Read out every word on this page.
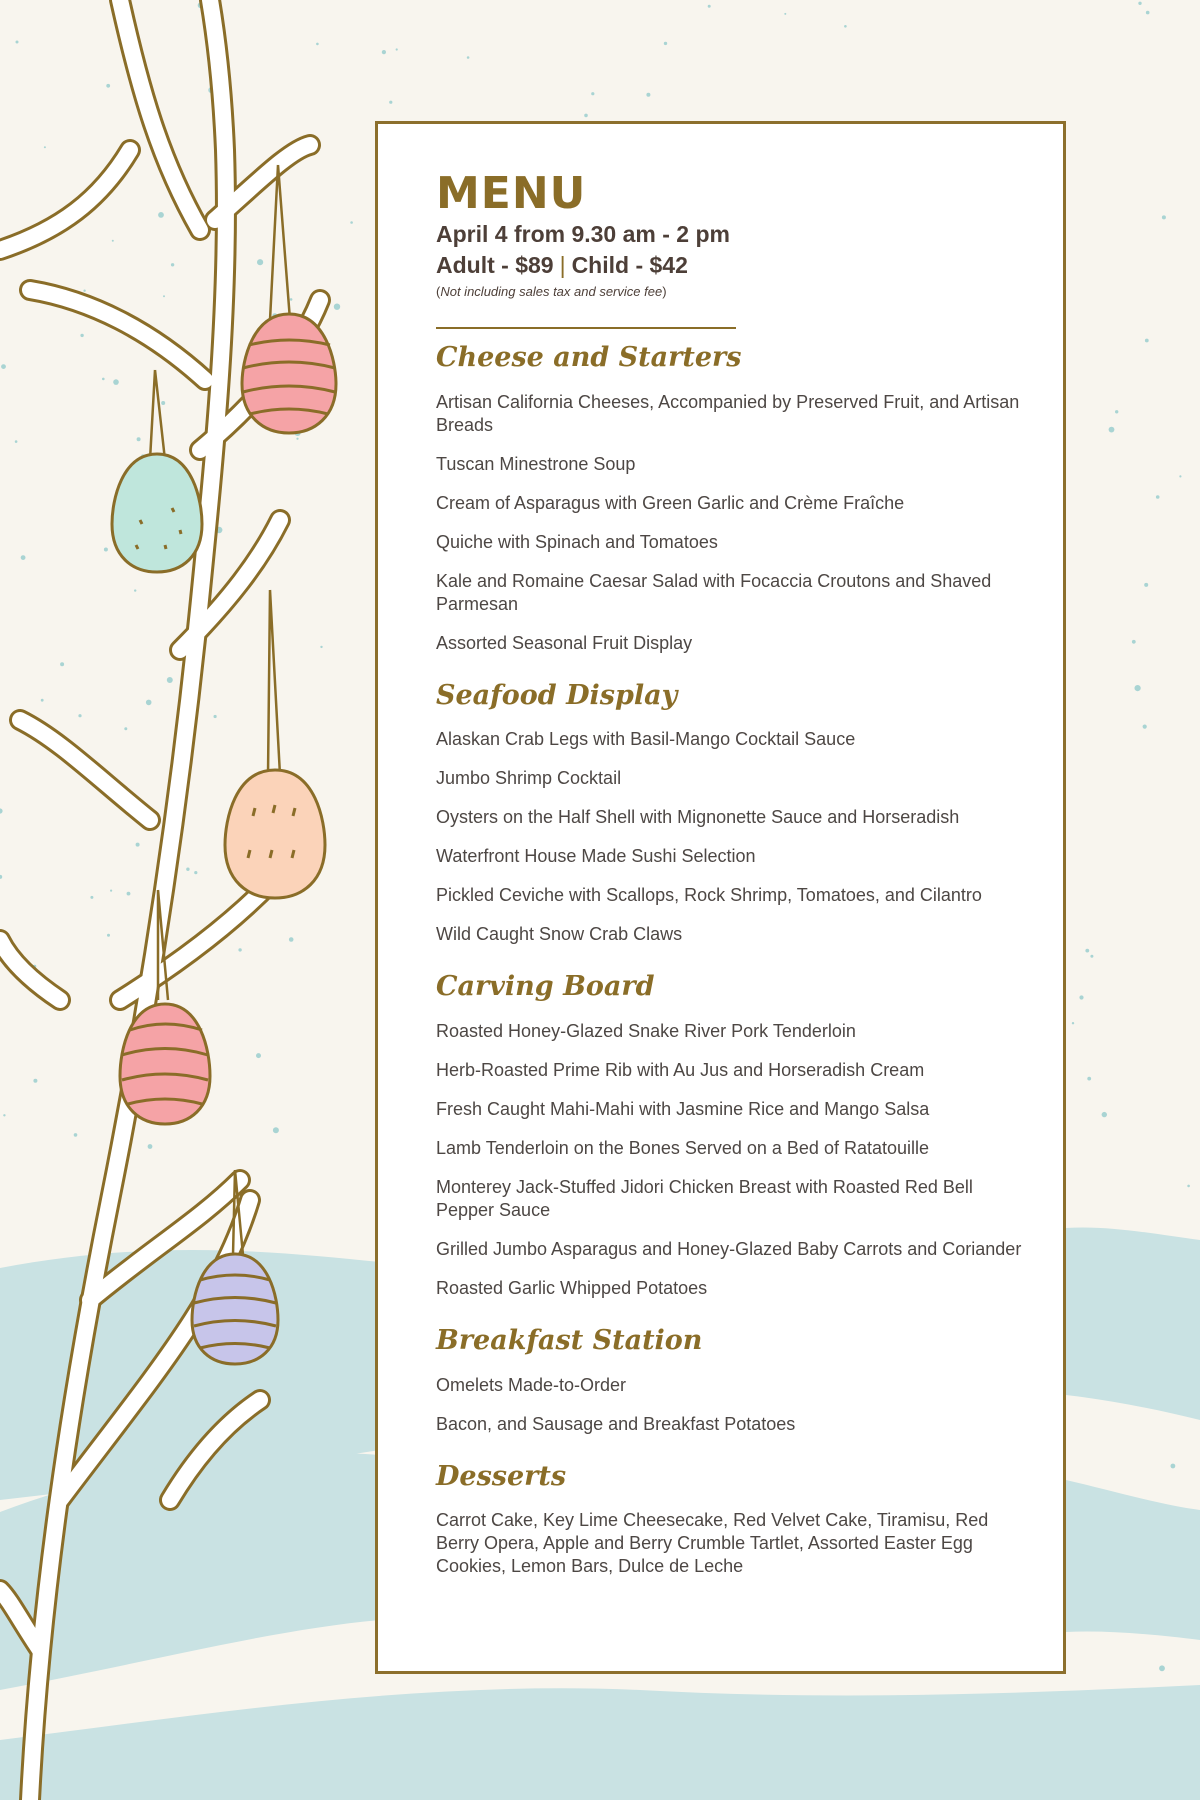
MENU
April 4 from 9.30 am - 2 pm
Adult - $89 | Child - $42
(Not including sales tax and service fee)
Cheese and Starters
Artisan California Cheeses, Accompanied by Preserved Fruit, and Artisan Breads
Tuscan Minestrone Soup
Cream of Asparagus with Green Garlic and Crème Fraîche
Quiche with Spinach and Tomatoes
Kale and Romaine Caesar Salad with Focaccia Croutons and Shaved Parmesan
Assorted Seasonal Fruit Display
Seafood Display
Alaskan Crab Legs with Basil-Mango Cocktail Sauce
Jumbo Shrimp Cocktail
Oysters on the Half Shell with Mignonette Sauce and Horseradish
Waterfront House Made Sushi Selection
Pickled Ceviche with Scallops, Rock Shrimp, Tomatoes, and Cilantro
Wild Caught Snow Crab Claws
Carving Board
Roasted Honey-Glazed Snake River Pork Tenderloin
Herb-Roasted Prime Rib with Au Jus and Horseradish Cream
Fresh Caught Mahi-Mahi with Jasmine Rice and Mango Salsa
Lamb Tenderloin on the Bones Served on a Bed of Ratatouille
Monterey Jack-Stuffed Jidori Chicken Breast with Roasted Red Bell Pepper Sauce
Grilled Jumbo Asparagus and Honey-Glazed Baby Carrots and Coriander
Roasted Garlic Whipped Potatoes
Breakfast Station
Omelets Made-to-Order
Bacon, and Sausage and Breakfast Potatoes
Desserts
Carrot Cake, Key Lime Cheesecake, Red Velvet Cake, Tiramisu, Red Berry Opera, Apple and Berry Crumble Tartlet, Assorted Easter Egg Cookies, Lemon Bars, Dulce de Leche
